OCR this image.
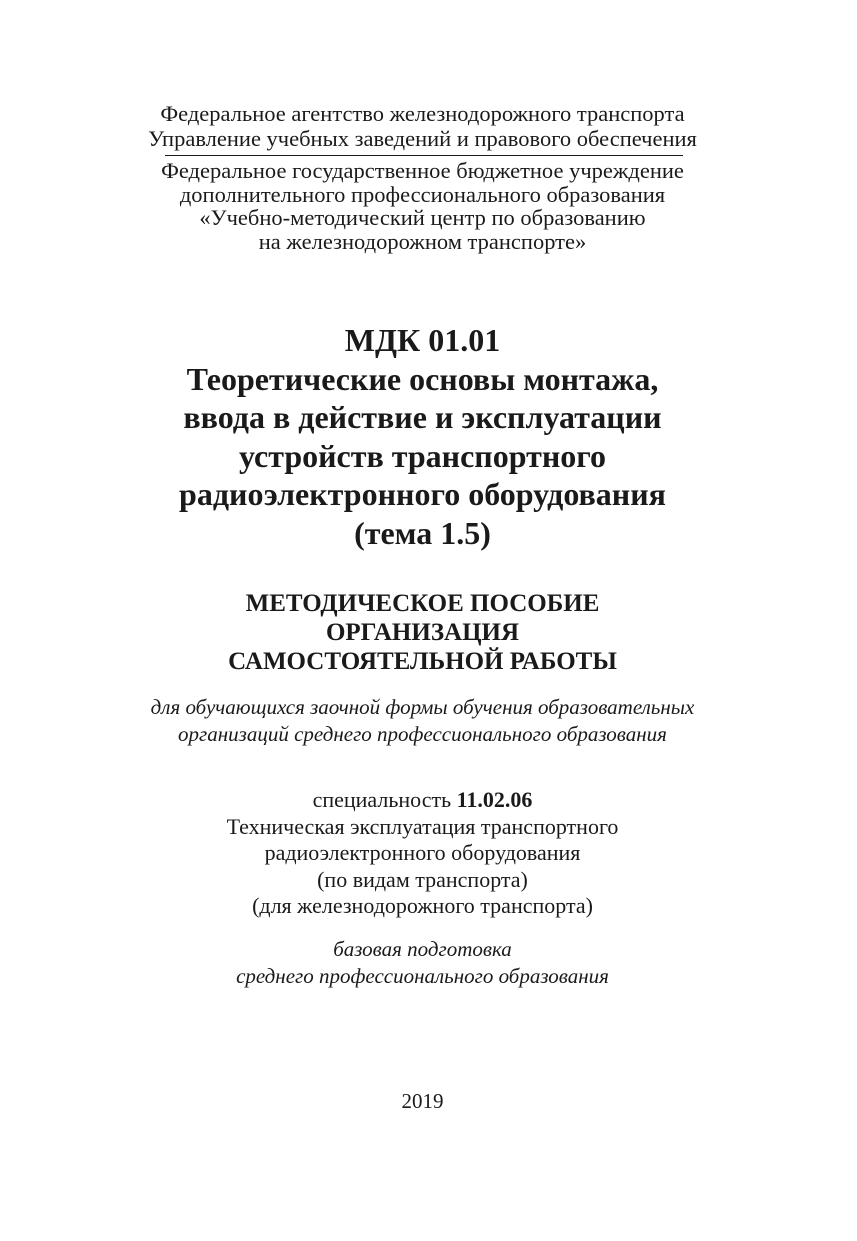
Федеральное агентство железнодорожного транспорта
Управление учебных заведений и правового обеспечения
Федеральное государственное бюджетное учреждение
дополнительного профессионального образования
«Учебно-методический центр по образованию
на железнодорожном транспорте»
МДК 01.01
Теоретические основы монтажа,
ввода в действие и эксплуатации
устройств транспортного
радиоэлектронного оборудования
(тема 1.5)
МЕТОДИЧЕСКОЕ ПОСОБИЕ
ОРГАНИЗАЦИЯ
САМОСТОЯТЕЛЬНОЙ РАБОТЫ
для обучающихся заочной формы обучения образовательных
организаций среднего профессионального образования
специальность 11.02.06
Техническая эксплуатация транспортного
радиоэлектронного оборудования
(по видам транспорта)
(для железнодорожного транспорта)
базовая подготовка
среднего профессионального образования
2019
